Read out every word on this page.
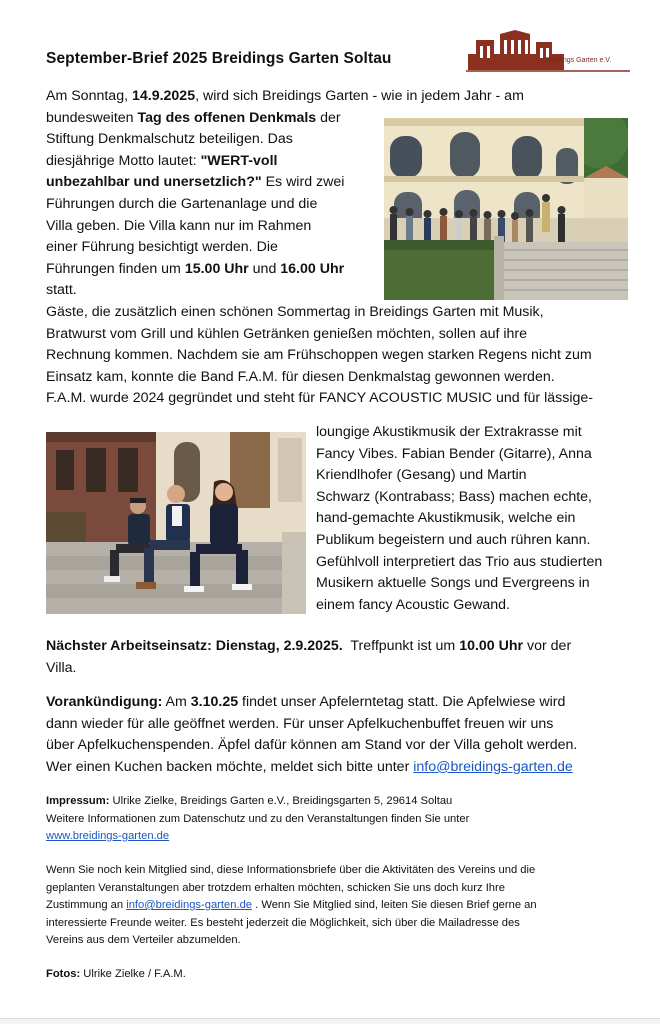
September-Brief 2025 Breidings Garten Soltau	Breidings Garten e.V.
Am Sonntag, 14.9.2025, wird sich Breidings Garten - wie in jedem Jahr - am
bundesweiten Tag des offenen Denkmals der
Stiftung Denkmalschutz beteiligen. Das
diesjährige Motto lautet: "WERT-voll
unbezahlbar und unersetzlich?" Es wird zwei
Führungen durch die Gartenanlage und die
Villa geben. Die Villa kann nur im Rahmen
einer Führung besichtigt werden. Die
Führungen finden um 15.00 Uhr und 16.00 Uhr
statt.
Gäste, die zusätzlich einen schönen Sommertag in Breidings Garten mit Musik,
Bratwurst vom Grill und kühlen Getränken genießen möchten, sollen auf ihre
Rechnung kommen. Nachdem sie am Frühschoppen wegen starken Regens nicht zum
Einsatz kam, konnte die Band F.A.M. für diesen Denkmalstag gewonnen werden.
F.A.M. wurde 2024 gegründet und steht für FANCY ACOUSTIC MUSIC und für lässige-
loungige Akustikmusik der Extrakrasse mit
Fancy Vibes. Fabian Bender (Gitarre), Anna
Kriendlhofer (Gesang) und Martin
Schwarz (Kontrabass; Bass) machen echte,
hand-gemachte Akustikmusik, welche ein
Publikum begeistern und auch rühren kann.
Gefühlvoll interpretiert das Trio aus studierten
Musikern aktuelle Songs und Evergreens in
einem fancy Acoustic Gewand.
Nächster Arbeitseinsatz: Dienstag, 2.9.2025.  Treffpunkt ist um 10.00 Uhr vor der
Villa.
Vorankündigung: Am 3.10.25 findet unser Apfelerntetag statt. Die Apfelwiese wird
dann wieder für alle geöffnet werden. Für unser Apfelkuchenbuffet freuen wir uns
über Apfelkuchenspenden. Äpfel dafür können am Stand vor der Villa geholt werden.
Wer einen Kuchen backen möchte, meldet sich bitte unter info@breidings-garten.de
Impressum: Ulrike Zielke, Breidings Garten e.V., Breidingsgarten 5, 29614 Soltau
Weitere Informationen zum Datenschutz und zu den Veranstaltungen finden Sie unter
www.breidings-garten.de
Wenn Sie noch kein Mitglied sind, diese Informationsbriefe über die Aktivitäten des Vereins und die
geplanten Veranstaltungen aber trotzdem erhalten möchten, schicken Sie uns doch kurz Ihre
Zustimmung an info@breidings-garten.de . Wenn Sie Mitglied sind, leiten Sie diesen Brief gerne an
interessierte Freunde weiter. Es besteht jederzeit die Möglichkeit, sich über die Mailadresse des
Vereins aus dem Verteiler abzumelden.
Fotos: Ulrike Zielke / F.A.M.
